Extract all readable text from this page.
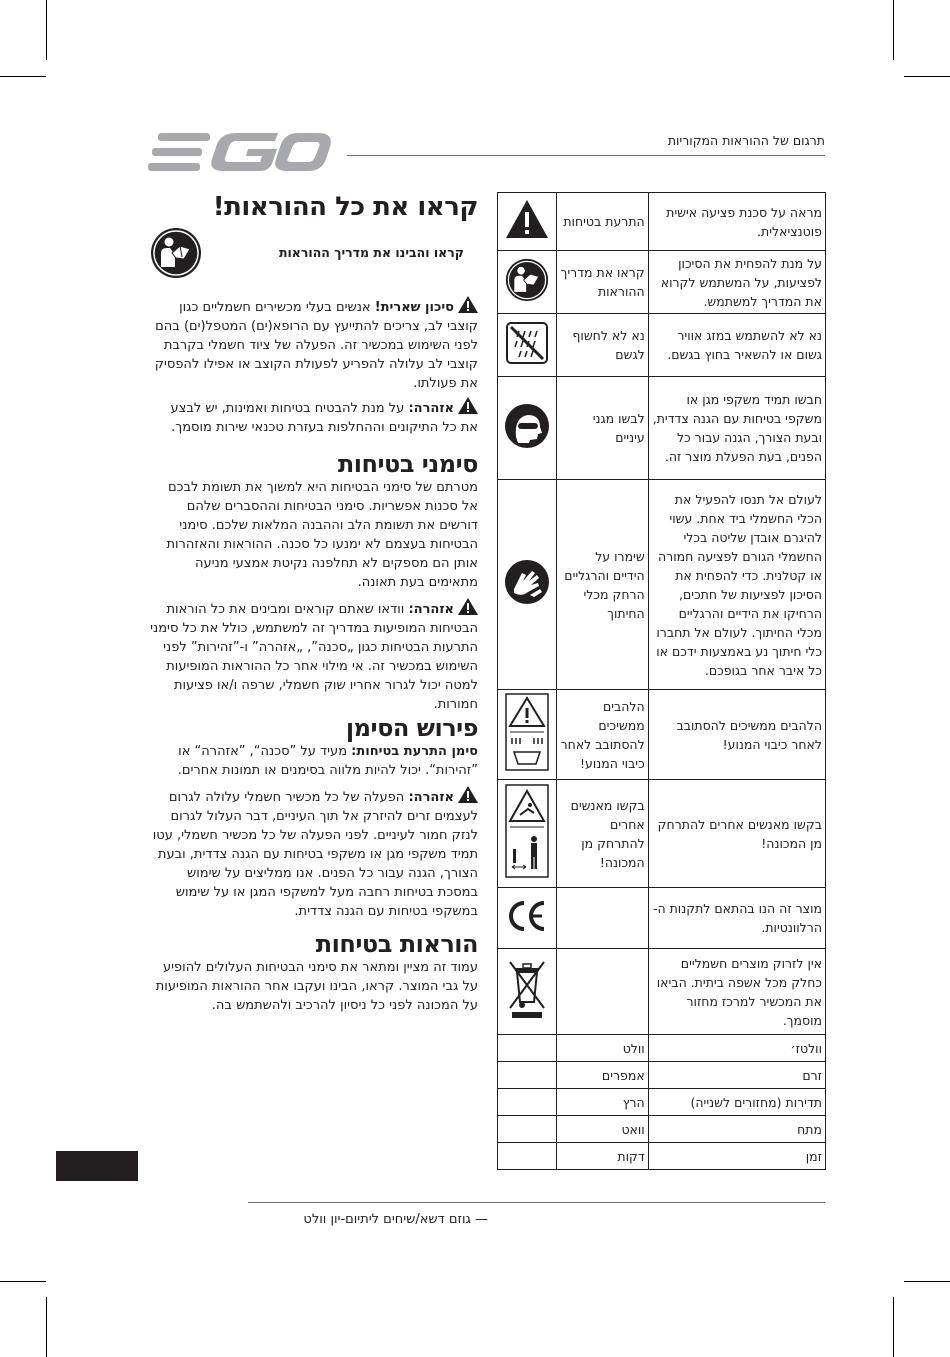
תרגום של ההוראות המקוריות
קראו את כל ההוראות!

קראו והבינו את מדריך ההוראות

סיכון שארית! אנשים בעלי מכשירים חשמליים כגון קוצבי לב, צריכים להתייעץ עם הרופא(ים) המטפל(ים) בהם לפני השימוש במכשיר זה. הפעלה של ציוד חשמלי בקרבת קוצבי לב עלולה להפריע לפעולת הקוצב או אפילו להפסיק את פעולתו.

אזהרה: על מנת להבטיח בטיחות ואמינות, יש לבצע את כל התיקונים וההחלפות בעזרת טכנאי שירות מוסמך.

סימני בטיחות

מטרתם של סימני הבטיחות היא למשוך את תשומת לבכם אל סכנות אפשריות. סימני הבטיחות וההסברים שלהם דורשים את תשומת הלב וההבנה המלאות שלכם. סימני הבטיחות בעצמם לא ימנעו כל סכנה. ההוראות והאזהרות אותן הם מספקים לא תחלפנה נקיטת אמצעי מניעה מתאימים בעת תאונה.

אזהרה: וודאו שאתם קוראים ומבינים את כל הוראות הבטיחות המופיעות במדריך זה למשתמש, כולל את כל סימני התרעות הבטיחות כגון „סכנה”, „אזהרה” ו-”זהירות” לפני השימוש במכשיר זה. אי מילוי אחר כל ההוראות המופיעות למטה יכול לגרור אחריו שוק חשמלי, שרפה ו/או פציעות חמורות.

פירוש הסימן

סימן התרעת בטיחות: מעיד על ”סכנה“, ”אזהרה“ או ”זהירות“. יכול להיות מלווה בסימנים או תמונות אחרים.

אזהרה: הפעלה של כל מכשיר חשמלי עלולה לגרום לעצמים זרים להיזרק אל תוך העיניים, דבר העלול לגרום לנזק חמור לעיניים. לפני הפעלה של כל מכשיר חשמלי, עטו תמיד משקפי מגן או משקפי בטיחות עם הגנה צדדית, ובעת הצורך, הגנה עבור כל הפנים. אנו ממליצים על שימוש במסכת בטיחות רחבה מעל למשקפי המגן או על שימוש במשקפי בטיחות עם הגנה צדדית.

הוראות בטיחות

עמוד זה מציין ומתאר את סימני הבטיחות העלולים להופיע על גבי המוצר. קראו, הבינו ועקבו אחר ההוראות המופיעות על המכונה לפני כל ניסיון להרכיב ולהשתמש בה.

מראה על סכנת פציעה אישית פוטנציאלית.	התרעת בטיחות	
על מנת להפחית את הסיכון לפציעות, על המשתמש לקרוא את המדריך למשתמש.	קראו את מדריך ההוראות	
נא לא להשתמש במזג אוויר גשום או להשאיר בחוץ בגשם.	נא לא לחשוף לגשם	
חבשו תמיד משקפי מגן או משקפי בטיחות עם הגנה צדדית, ובעת הצורך, הגנה עבור כל הפנים, בעת הפעלת מוצר זה.	לבשו מגני עיניים	
לעולם אל תנסו להפעיל את הכלי החשמלי ביד אחת. עשוי להיגרם אובדן שליטה בכלי החשמלי הגורם לפציעה חמורה או קטלנית. כדי להפחית את הסיכון לפציעות של חתכים, הרחיקו את הידיים והרגליים מכלי החיתוך. לעולם אל תחברו כלי חיתוך נע באמצעות ידכם או כל איבר אחר בגופכם.	שימרו על הידיים והרגליים הרחק מכלי החיתוך	
הלהבים ממשיכים להסתובב לאחר כיבוי המנוע!	הלהבים ממשיכים להסתובב לאחר כיבוי המנוע!	
בקשו מאנשים אחרים להתרחק מן המכונה!	בקשו מאנשים אחרים להתרחק מן המכונה!	
מוצר זה הנו בהתאם לתקנות ה- הרלוונטיות.		
אין לזרוק מוצרים חשמליים כחלק מכל אשפה ביתית. הביאו את המכשיר למרכז מחזור מוסמך.		
וולטז׳	וולט	
זרם	אמפרים	
תדירות (מחזורים לשנייה)	הרץ	
מתח	וואט	
זמן	דקות	
— גוזם דשא/שיחים ליתיום-יון וולט
